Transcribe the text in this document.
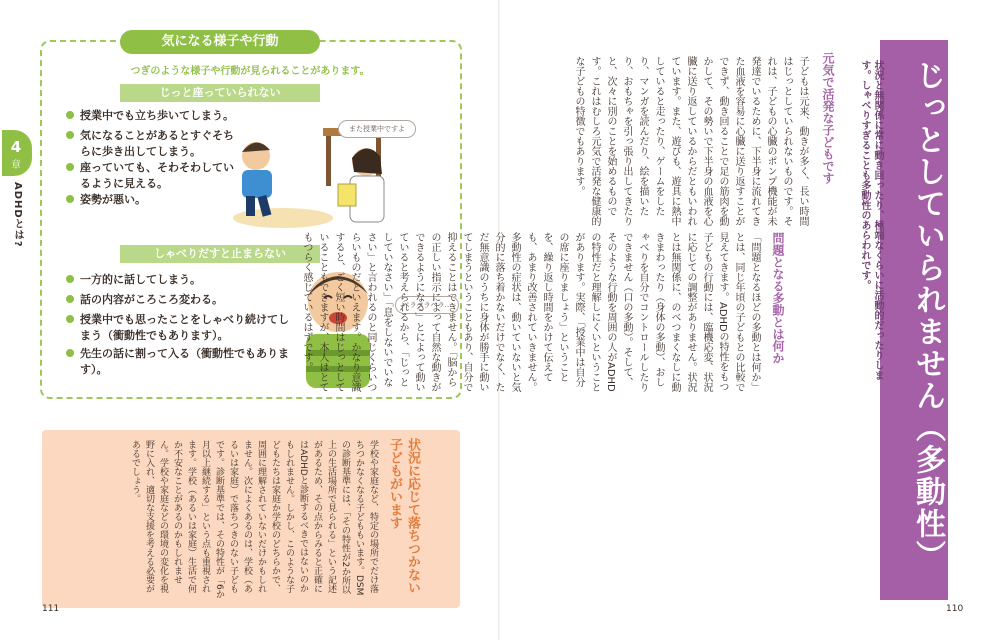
4
章
ADHDとは?
気になる様子や行動
つぎのような様子や行動が見られることがあります。
じっと座っていられない
授業中でも立ち歩いてしまう。
気になることがあるとすぐそちらに歩き出してしまう。
座っていても、そわそわしているように見える。
姿勢が悪い。
また授業中ですよ
しゃべりだすと止まらない
一方的に話してしまう。
話の内容がころころ変わる。
授業中でも思ったことをしゃべり続けてしまう（衝動性でもあります）。
先生の話に割って入る（衝動性でもあります）。
ペラペラペラ…
状況に応じて落ちつかない子どもがいます
学校や家庭など、特定の場所でだけ落ちつかなくなる子どももいます。DSMの診断基準には、「その特性が2か所以上の生活場所で見られる」という記述があるため、その点からみると正確にはADHDと診断するべきではないのかもしれません。しかし、このような子どもたちは家庭か学校のどちらかで、周囲に理解されていないだけかもしれません。次によくあるのは、学校（あるいは家庭）で落ちつきのない子どもです。診断基準では、その特性が「6か月以上継続する」という点も重視されます。学校（あるいは家庭）生活で何か不安なことがあるのかもしれません。学校や家庭などの環境の変化を視野に入れ、適切な支援を考える必要があるでしょう。
111
じっとしていられません（多動性）
状況と無関係に常に動き回ったり、極端なくらいに活動的だったりします。しゃべりすぎることも多動性のあらわれです。
元気で活発な子どもです
子どもは元来、動きが多く、長い時間はじっとしていられないものです。それは、子どもの心臓のポンプ機能が未発達でいるために、下半身に流れてきた血液を容易に心臓に送り返すことができず、動き回ることで足の筋肉を動かして、その勢いで下半身の血液を心臓に送り返しているからだともいわれています。また、遊びも、遊具に熱中していると走ったり、ゲームをしたり、マンガを読んだり、絵を描いたり、おもちゃを引っ張り出してきたりと、次々に別のことを始めるものです。これはむしろ元気で活発な健康的な子どもの特徴でもあります。
問題となる多動とは何か
「問題となるほどの多動とは何か」とは、同じ年頃の子どもとの比較で見えてきます。ADHDの特性をもつ子どもの行動には、臨機応変、状況に応じての調整がありません。状況とは無関係に、のべつまくなしに動きまわったり（身体の多動）、おしゃべりを自分でコントロールしたりできません（口の多動）。そして、そのような行動を周囲の人がADHDの特性だと理解しにくいということがあります。実際、「授業中は自分の席に座りましょう」ということを、繰り返し時間をかけて伝えても、あまり改善されていきません。多動性の症状は、動いていないと気分的に落ち着かないだけでなく、ただ無意識のうちに身体が勝手に動いてしまうということもあり、自分で抑えることはできません。「脳からの正しい指示によって自然な動きができるようになる」とによって動いていると考えられるから、「じっとしていなさい」「息をしないでいなさい」と言われるのと同じくらいつらいものだといえます。かなり意識すると、ごく短い時間はじっとしていることもできますが、本人はとてもつらく感じているはずです。
110
